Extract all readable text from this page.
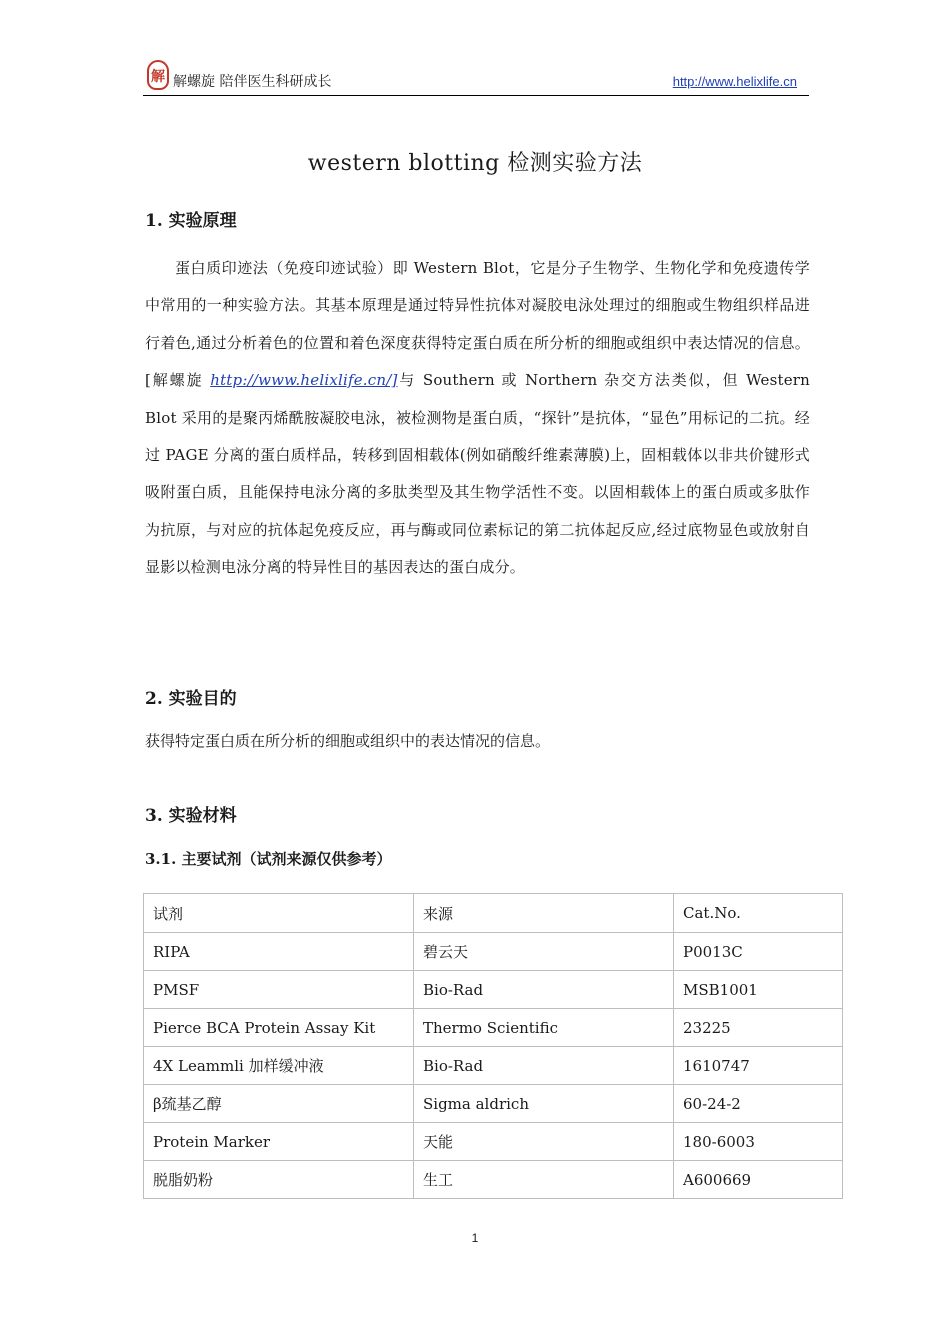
解 解螺旋 陪伴医生科研成长	http://www.helixlife.cn
western blotting 检测实验方法
1. 实验原理
蛋白质印迹法（免疫印迹试验）即 Western Blot，它是分子生物学、生物化学和免疫遗传学中常用的一种实验方法。其基本原理是通过特异性抗体对凝胶电泳处理过的细胞或生物组织样品进行着色,通过分析着色的位置和着色深度获得特定蛋白质在所分析的细胞或组织中表达情况的信息。[解螺旋 http://www.helixlife.cn/]与 Southern 或 Northern 杂交方法类似，但 Western Blot 采用的是聚丙烯酰胺凝胶电泳，被检测物是蛋白质，“探针”是抗体，“显色”用标记的二抗。经过 PAGE 分离的蛋白质样品，转移到固相载体(例如硝酸纤维素薄膜)上，固相载体以非共价键形式吸附蛋白质，且能保持电泳分离的多肽类型及其生物学活性不变。以固相载体上的蛋白质或多肽作为抗原，与对应的抗体起免疫反应，再与酶或同位素标记的第二抗体起反应,经过底物显色或放射自显影以检测电泳分离的特异性目的基因表达的蛋白成分。
2. 实验目的
获得特定蛋白质在所分析的细胞或组织中的表达情况的信息。
3. 实验材料
3.1. 主要试剂（试剂来源仅供参考）
试剂	来源	Cat.No.
RIPA	碧云天	P0013C
PMSF	Bio-Rad	MSB1001
Pierce BCA Protein Assay Kit	Thermo Scientific	23225
4X Leammli 加样缓冲液	Bio-Rad	1610747
β巯基乙醇	Sigma aldrich	60-24-2
Protein Marker	天能	180-6003
脱脂奶粉	生工	A600669
1
